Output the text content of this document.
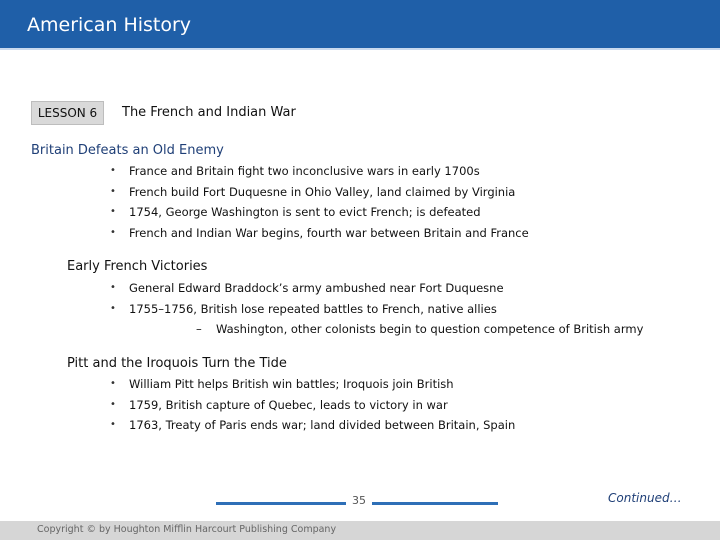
American History
LESSON 6	The French and Indian War
Britain Defeats an Old Enemy
• France and Britain fight two inconclusive wars in early 1700s
• French build Fort Duquesne in Ohio Valley, land claimed by Virginia
• 1754, George Washington is sent to evict French; is defeated
• French and Indian War begins, fourth war between Britain and France
Early French Victories
• General Edward Braddock’s army ambushed near Fort Duquesne
• 1755–1756, British lose repeated battles to French, native allies
– Washington, other colonists begin to question competence of British army
Pitt and the Iroquois Turn the Tide
• William Pitt helps British win battles; Iroquois join British
• 1759, British capture of Quebec, leads to victory in war
• 1763, Treaty of Paris ends war; land divided between Britain, Spain
35	Continued…
Copyright © by Houghton Mifflin Harcourt Publishing Company
